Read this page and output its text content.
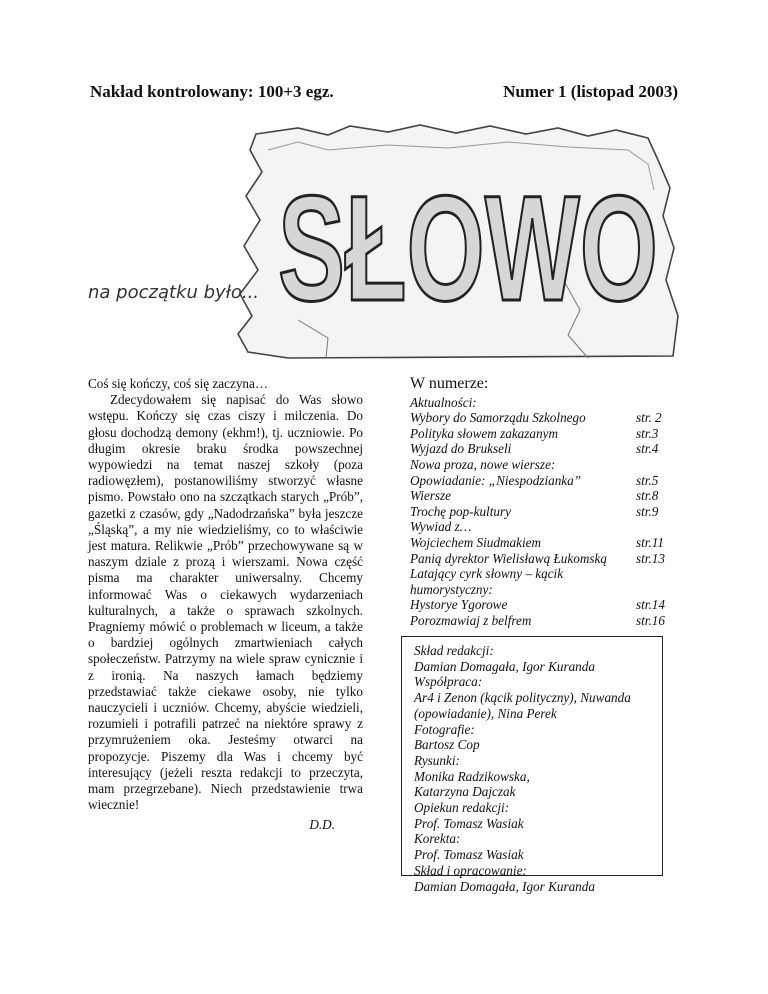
Nakład kontrolowany: 100+3 egz.	Numer 1 (listopad 2003)
SŁOWO
na początku było...

Coś się kończy, coś się zaczyna…

Zdecydowałem się napisać do Was słowo wstępu. Kończy się czas ciszy i milczenia. Do głosu dochodzą demony (ekhm!), tj. uczniowie. Po długim okresie braku środka powszechnej wypowiedzi na temat naszej szkoły (poza radiowęzłem), postanowiliśmy stworzyć własne pismo. Powstało ono na szczątkach starych „Prób”, gazetki z czasów, gdy „Nadodrzańska” była jeszcze „Śląską”, a my nie wiedzieliśmy, co to właściwie jest matura. Relikwie „Prób” przechowywane są w naszym dziale z prozą i wierszami. Nowa część pisma ma charakter uniwersalny. Chcemy informować Was o ciekawych wydarzeniach kulturalnych, a także o sprawach szkolnych. Pragniemy mówić o problemach w liceum, a także o bardziej ogólnych zmartwieniach całych społeczeństw. Patrzymy na wiele spraw cynicznie i z ironią. Na naszych łamach będziemy przedstawiać także ciekawe osoby, nie tylko nauczycieli i uczniów. Chcemy, abyście wiedzieli, rozumieli i potrafili patrzeć na niektóre sprawy z przymrużeniem oka. Jesteśmy otwarci na propozycje. Piszemy dla Was i chcemy być interesujący (jeżeli reszta redakcji to przeczyta, mam przegrzebane). Niech przedstawienie trwa wiecznie!

D.D.
W numerze:
Aktualności:
Wybory do Samorządu Szkolnego	str. 2
Polityka słowem zakazanym	str.3
Wyjazd do Brukseli	str.4
Nowa proza, nowe wiersze:
Opowiadanie: „Niespodzianka”	str.5
Wiersze	str.8
Trochę pop-kultury	str.9
Wywiad z…
Wojciechem Siudmakiem	str.11
Panią dyrektor Wielisławą Łukomską str.13
Latający cyrk słowny – kącik
humorystyczny:
Hystorye Ygorowe	str.14
Porozmawiaj z belfrem	str.16
Skład redakcji:
Damian Domagała, Igor Kuranda
Współpraca:
Ar4 i Zenon (kącik polityczny), Nuwanda
(opowiadanie), Nina Perek
Fotografie:
Bartosz Cop
Rysunki:
Monika Radzikowska,
Katarzyna Dajczak
Opiekun redakcji:
Prof. Tomasz Wasiak
Korekta:
Prof. Tomasz Wasiak
Skład i opracowanie:
Damian Domagała, Igor Kuranda
